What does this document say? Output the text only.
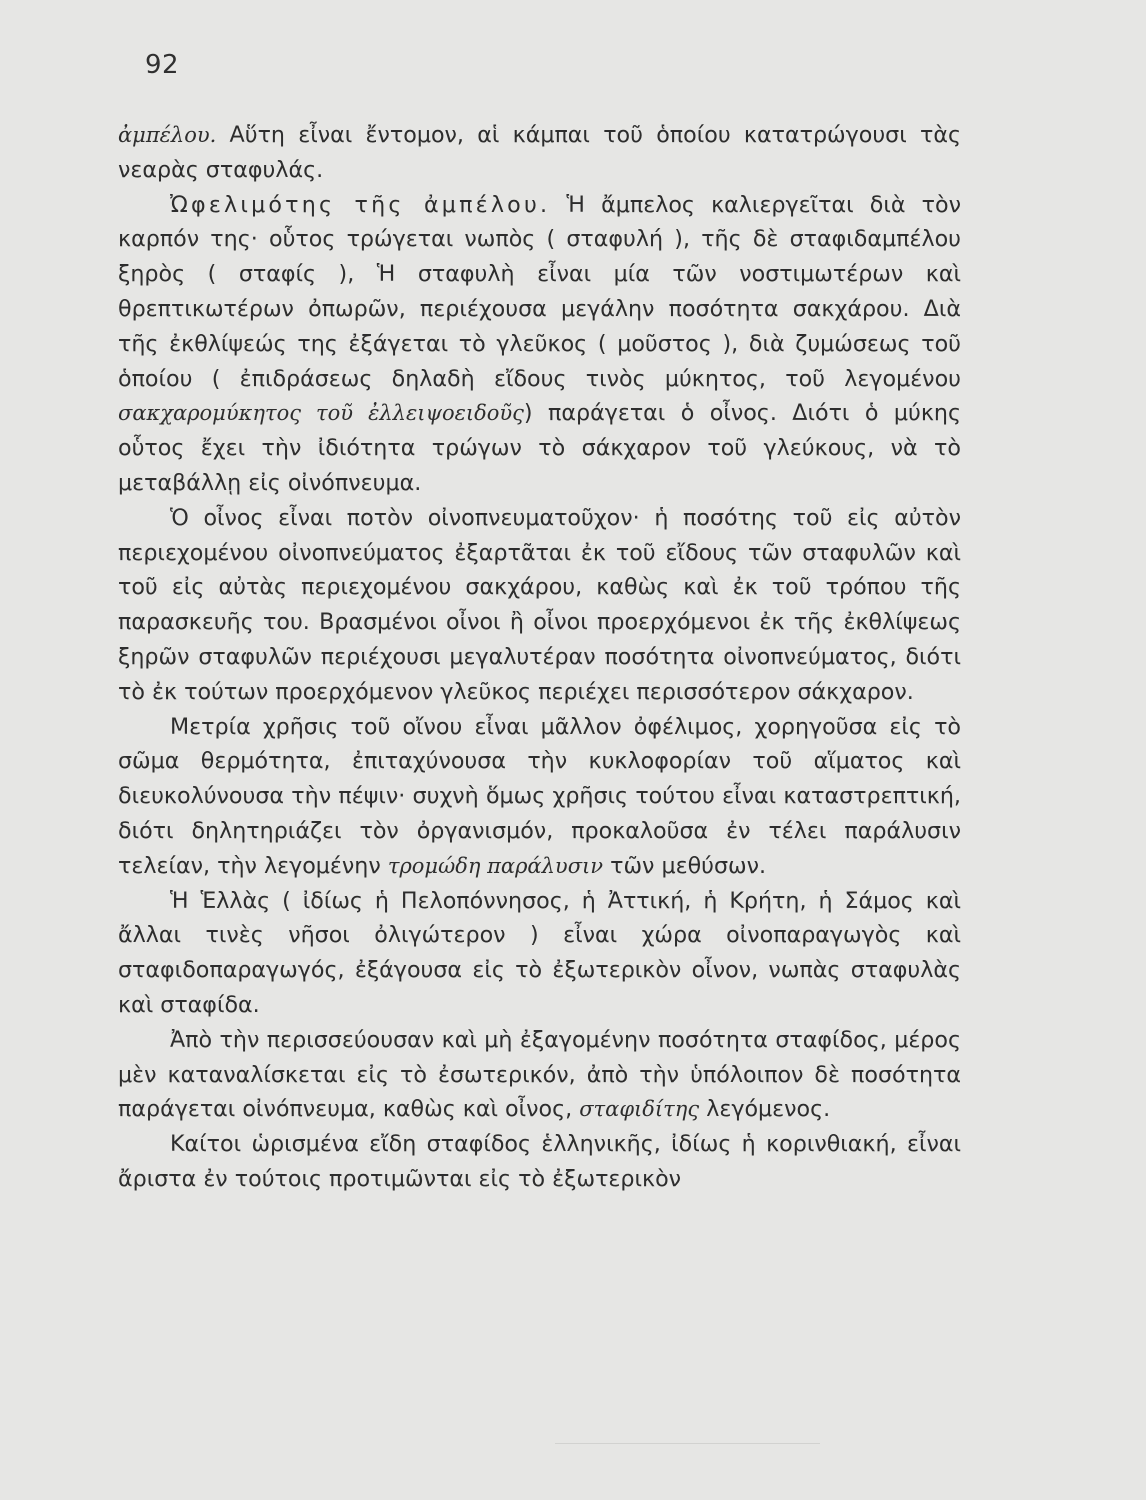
92

ἀμπέλου. Αὕτη εἶναι ἔντομον, αἱ κάμπαι τοῦ ὁποίου κατατρώγουσι τὰς νεαρὰς σταφυλάς.

Ὠφελιμότης τῆς ἀμπέλου. Ἡ ἄμπελος καλιεργεῖται διὰ τὸν καρπόν της· οὗτος τρώγεται νωπὸς ( σταφυλή ), τῆς δὲ σταφιδαμπέλου ξηρὸς ( σταφίς ), Ἡ σταφυλὴ εἶναι μία τῶν νοστιμωτέρων καὶ θρεπτικωτέρων ὀπωρῶν, περιέχουσα μεγάλην ποσότητα σακχάρου. Διὰ τῆς ἐκθλίψεώς της ἐξάγεται τὸ γλεῦκος ( μοῦστος ), διὰ ζυμώσεως τοῦ ὁποίου ( ἐπιδράσεως δηλαδὴ εἴδους τινὸς μύκητος, τοῦ λεγομένου σακχαρομύκητος τοῦ ἐλλειψοειδοῦς) παράγεται ὁ οἶνος. Διότι ὁ μύκης οὗτος ἔχει τὴν ἰδιότητα τρώγων τὸ σάκχαρον τοῦ γλεύκους, νὰ τὸ μεταβάλλῃ εἰς οἰνόπνευμα.

Ὁ οἶνος εἶναι ποτὸν οἰνοπνευματοῦχον· ἡ ποσότης τοῦ εἰς αὐτὸν περιεχομένου οἰνοπνεύματος ἐξαρτᾶται ἐκ τοῦ εἴδους τῶν σταφυλῶν καὶ τοῦ εἰς αὐτὰς περιεχομένου σακχάρου, καθὼς καὶ ἐκ τοῦ τρόπου τῆς παρασκευῆς του. Βρασμένοι οἶνοι ἢ οἶνοι προερχόμενοι ἐκ τῆς ἐκθλίψεως ξηρῶν σταφυλῶν περιέχουσι μεγαλυτέραν ποσότητα οἰνοπνεύματος, διότι τὸ ἐκ τούτων προερχόμενον γλεῦκος περιέχει περισσότερον σάκχαρον.

Μετρία χρῆσις τοῦ οἴνου εἶναι μᾶλλον ὀφέλιμος, χορηγοῦσα εἰς τὸ σῶμα θερμότητα, ἐπιταχύνουσα τὴν κυκλοφορίαν τοῦ αἵματος καὶ διευκολύνουσα τὴν πέψιν· συχνὴ ὅμως χρῆσις τούτου εἶναι καταστρεπτική, διότι δηλητηριάζει τὸν ὀργανισμόν, προκαλοῦσα ἐν τέλει παράλυσιν τελείαν, τὴν λεγομένην τρομώδη παράλυσιν τῶν μεθύσων.

Ἡ Ἑλλὰς ( ἰδίως ἡ Πελοπόννησος, ἡ Ἀττική, ἡ Κρήτη, ἡ Σάμος καὶ ἄλλαι τινὲς νῆσοι ὀλιγώτερον ) εἶναι χώρα οἰνοπαραγωγὸς καὶ σταφιδοπαραγωγός, ἐξάγουσα εἰς τὸ ἐξωτερικὸν οἶνον, νωπὰς σταφυλὰς καὶ σταφίδα.

Ἀπὸ τὴν περισσεύουσαν καὶ μὴ ἐξαγομένην ποσότητα σταφίδος, μέρος μὲν καταναλίσκεται εἰς τὸ ἐσωτερικόν, ἀπὸ τὴν ὑπόλοιπον δὲ ποσότητα παράγεται οἰνόπνευμα, καθὼς καὶ οἶνος, σταφιδίτης λεγόμενος.

Καίτοι ὡρισμένα εἴδη σταφίδος ἑλληνικῆς, ἰδίως ἡ κορινθιακή, εἶναι ἄριστα ἐν τούτοις προτιμῶνται εἰς τὸ ἐξωτερικὸν
